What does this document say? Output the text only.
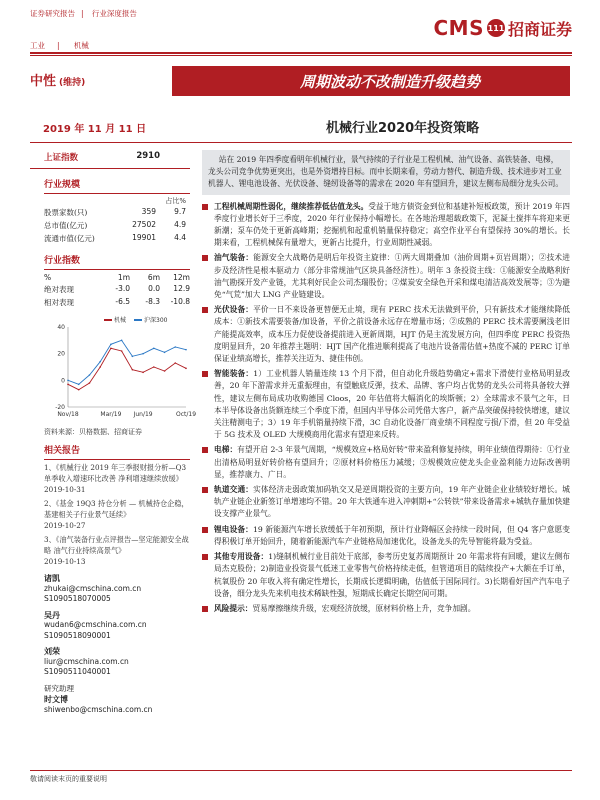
证券研究报告 | 行业深度报告
工业 | 机械
CMS 111 招商证券
中性 (维持)	周期波动不改制造升级趋势
2019 年 11 月 11 日	机械行业2020年投资策略
上证指数	2910
行业规模
占比%
股票家数(只)	359	9.7
总市值(亿元)	27502	4.9
流通市值(亿元)	19901	4.4
行业指数
%	1m	6m	12m
绝对表现	-3.0	0.0	12.9
相对表现	-6.5	-8.3	-10.8
机械	沪深300
40
20
0
-20
Nov/18	Mar/19 Jun/19	Oct/19
资料来源：贝格数据、招商证券
相关报告

1、《机械行业 2019 年三季报财报分析—Q3 单季收入增速环比改善 净利增速继续放缓》
2019-10-31

2、《基金 19Q3 持仓分析 — 机械持仓企稳，基建相关子行业景气延续》
2019-10-27

3、《油气装备行业点评报告—坚定能源安全战略 油气行业持续高景气》
2019-10-13

诸凯
zhukai@cmschina.com.cn
S1090518070005
吴丹
wudan6@cmschina.com.cn
S1090518090001
刘荣
liur@cmschina.com.cn
S1090511040001
研究助理
时文博
shiwenbo@cmschina.com.cn
站在 2019 年四季度看明年机械行业，景气持续的子行业是工程机械、油气设备、高铁装备、电梯，龙头公司竞争优势更突出，也是外资增持目标。而中长期来看，劳动力替代、制造升级、技术进步对工业机器人、锂电池设备、光伏设备、缝纫设备等的需求在 2020 年有望回升，建议左侧布局细分龙头公司。
工程机械周期性弱化，继续推荐低估值龙头。受益于地方债资金到位和基建补短板政策，预计 2019 年四季度行业增长好于三季度，2020 年行业保持小幅增长。在各地治理超载政策下，泥凝土搅拌车将迎来更新潮；泵车仍处于更新高峰期；挖掘机和起重机销量保持稳定；高空作业平台有望保持 30%的增长。长期来看，工程机械保有量增大，更新占比提升，行业周期性减弱。
油气装备：能源安全大战略仍是明后年投资主旋律：①两大周期叠加（油价周期+页岩周期）；②技术进步及经济性是根本驱动力（部分非常规油气区块具备经济性）。明年 3 条投资主线：①能源安全战略利好油气勘探开发产业链，尤其利好民企公司杰瑞股份；②煤炭安全绿色开采和煤电清洁高效发展等；③为避免“气荒”加大 LNG 产业链建设。
光伏设备：平价一日不来设备更替便无止境，现有 PERC 技术无法做到平价，只有新技术才能继续降低成本：①新技术需要装备/加设备，平价之前设备永远存在增量市场；②成熟的 PERC 技术需要阑浅老旧产能提高效率，成本压力促使设备提前进入更新周期，HJT 仍是主流发展方向，但四季度 PERC 投资热度明显回升，20 年推荐主题明：HJT 国产化推进顺利提高了电池片设备需估值+热度不减的 PERC 订单保证业绩高增长，推荐关注迈为、捷佳伟创。
智能装备：1）工业机器人销量连续 13 个月下滑，但自动化升级趋势确定+需求下滑使行业格局明显改善，20 年下游需求并无重振理由，有望触底反弹，技术、品牌、客户均占优势的龙头公司将具备较大弹性，建议左侧布局成功收购德国 Cloos，20 年估值将大幅消化的埃斯顿；2）全球需求不景气之年，日本半导体设备出货额连续三个季度下滑，但国内半导体公司凭借大客户，新产品突破保持较快增速，建议关注精测电子；3）19 年手机销量持续下滑，3C 自动化设备厂商业绩不同程度亏损/下滑，但 20 年受益于 5G 技术及 OLED 大规模商用化需求有望迎来反转。
电梯：有望开启 2-3 年景气周期，“规模效应+格局好转”带来盈利修复持续，明年业绩值得期待：①行业出清格局明显好转价格有望回升；②原材料价格压力减缓；③规模效应使龙头企业盈利能力边际改善明显，推荐康力、广日。
轨道交通：实体经济走弱政策加码轨交又是逆周期投资的主要方向，19 年产业链企业业绩较好增长。城轨产业链企业新签订单增速均不错。20 年大铁通车进入冲刺期+“公转铁”带来设备需求+城轨存量加快建设支撑产业景气。
锂电设备：19 新能源汽车增长放缓低于年初预期，预计行业降幅区会持续一段时间，但 Q4 客户意愿变得积极订单开始回升，随着新能源汽车产业链格局加速优化，设备龙头的先导智能将最为受益。
其他专用设备：1)缝制机械行业目前处于底部，参考历史复苏周期预计 20 年需求将有回暖，建议左侧布局杰克股份；2)制造业投资景气低迷工业零售气价格持续走低，但管道项目的陆续投产+大额在手订单，杭氧股份 20 年收入将有确定性增长，长期成长逻辑明确，估值低于国际同行。3)长期看好国产汽车电子设备，细分龙头先来机电技术稀缺性强，短期成长确定长期空间可期。
风险提示：贸易摩擦继续升级，宏观经济放缓，原材料价格上升，竞争加剧。
敬请阅读末页的重要说明
